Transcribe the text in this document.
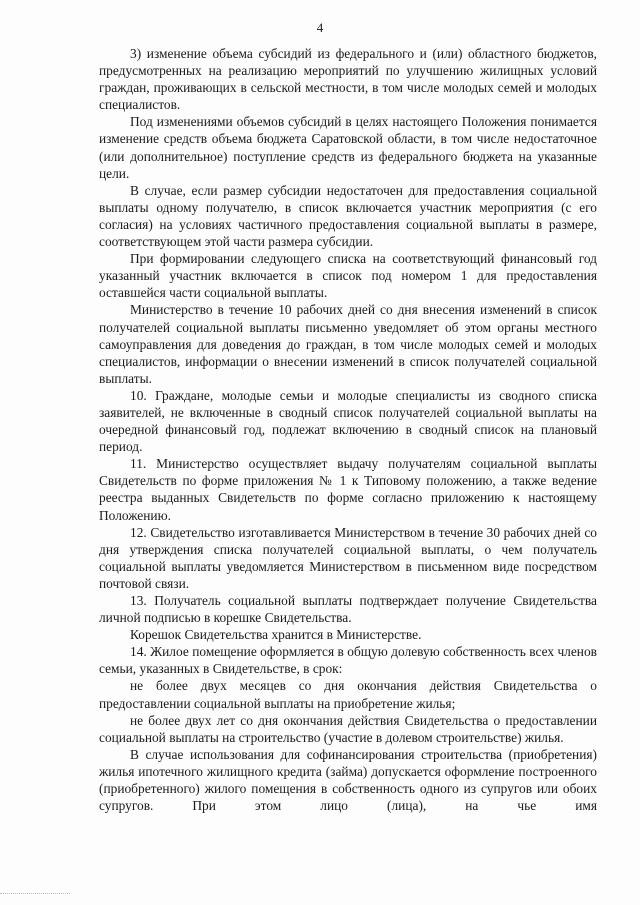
4

3) изменение объема субсидий из федерального и (или) областного бюджетов, предусмотренных на реализацию мероприятий по улучшению жилищных условий граждан, проживающих в сельской местности, в том числе молодых семей и молодых специалистов.

Под изменениями объемов субсидий в целях настоящего Положения понимается изменение средств объема бюджета Саратовской области, в том числе недостаточное (или дополнительное) поступление средств из федерального бюджета на указанные цели.

В случае, если размер субсидии недостаточен для предоставления социальной выплаты одному получателю, в список включается участник мероприятия (с его согласия) на условиях частичного предоставления социальной выплаты в размере, соответствующем этой части размера субсидии.

При формировании следующего списка на соответствующий финансовый год указанный участник включается в список под номером 1 для предоставления оставшейся части социальной выплаты.

Министерство в течение 10 рабочих дней со дня внесения изменений в список получателей социальной выплаты письменно уведомляет об этом органы местного самоуправления для доведения до граждан, в том числе молодых семей и молодых специалистов, информации о внесении изменений в список получателей социальной выплаты.

10. Граждане, молодые семьи и молодые специалисты из сводного списка заявителей, не включенные в сводный список получателей социальной выплаты на очередной финансовый год, подлежат включению в сводный список на плановый период.

11. Министерство осуществляет выдачу получателям социальной выплаты Свидетельств по форме приложения № 1 к Типовому положению, а также ведение реестра выданных Свидетельств по форме согласно приложению к настоящему Положению.

12. Свидетельство изготавливается Министерством в течение 30 рабочих дней со дня утверждения списка получателей социальной выплаты, о чем получатель социальной выплаты уведомляется Министерством в письменном виде посредством почтовой связи.

13. Получатель социальной выплаты подтверждает получение Свидетельства личной подписью в корешке Свидетельства.

Корешок Свидетельства хранится в Министерстве.

14. Жилое помещение оформляется в общую долевую собственность всех членов семьи, указанных в Свидетельстве, в срок:

не более двух месяцев со дня окончания действия Свидетельства о предоставлении социальной выплаты на приобретение жилья;

не более двух лет со дня окончания действия Свидетельства о предоставлении социальной выплаты на строительство (участие в долевом строительстве) жилья.

В случае использования для софинансирования строительства (приобретения) жилья ипотечного жилищного кредита (займа) допускается оформление построенного (приобретенного) жилого помещения в собственность одного из супругов или обоих супругов. При этом лицо (лица), на чье имя
